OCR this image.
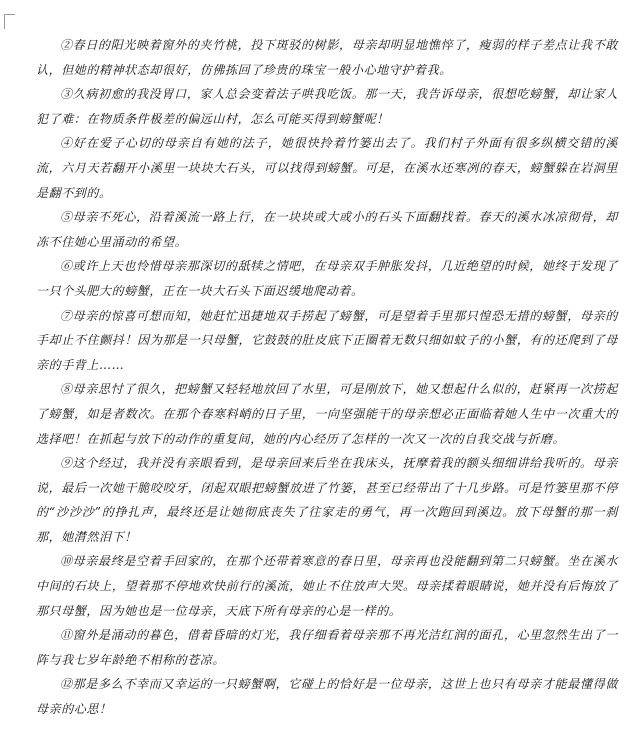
②春日的阳光映着窗外的夹竹桃，投下斑驳的树影，母亲却明显地憔悴了，瘦弱的样子差点让我不敢认，但她的精神状态却很好，仿佛拣回了珍贵的珠宝一般小心地守护着我。

③久病初愈的我没胃口，家人总会变着法子哄我吃饭。那一天，我告诉母亲，很想吃螃蟹，却让家人犯了难：在物质条件极差的偏远山村，怎么可能买得到螃蟹呢！

④好在爱子心切的母亲自有她的法子，她很快拎着竹篓出去了。我们村子外面有很多纵横交错的溪流，六月天若翻开小溪里一块块大石头，可以找得到螃蟹。可是，在溪水还寒冽的春天，螃蟹躲在岩洞里是翻不到的。

⑤母亲不死心，沿着溪流一路上行，在一块块或大或小的石头下面翻找着。春天的溪水冰凉彻骨，却冻不住她心里涌动的希望。

⑥或许上天也怜惜母亲那深切的舐犊之情吧，在母亲双手肿胀发抖，几近绝望的时候，她终于发现了一只个头肥大的螃蟹，正在一块大石头下面迟缓地爬动着。

⑦母亲的惊喜可想而知，她赶忙迅捷地双手捞起了螃蟹，可是望着手里那只惶恐无措的螃蟹，母亲的手却止不住颤抖！因为那是一只母蟹，它鼓鼓的肚皮底下正圈着无数只细如蚊子的小蟹，有的还爬到了母亲的手背上……

⑧母亲思忖了很久，把螃蟹又轻轻地放回了水里，可是刚放下，她又想起什么似的，赶紧再一次捞起了螃蟹，如是者数次。在那个春寒料峭的日子里，一向坚强能干的母亲想必正面临着她人生中一次重大的选择吧！在抓起与放下的动作的重复间，她的内心经历了怎样的一次又一次的自我交战与折磨。

⑨这个经过，我并没有亲眼看到，是母亲回来后坐在我床头，抚摩着我的额头细细讲给我听的。母亲说，最后一次她干脆咬咬牙，闭起双眼把螃蟹放进了竹篓，甚至已经带出了十几步路。可是竹篓里那不停的“沙沙沙”的挣扎声，最终还是让她彻底丧失了往家走的勇气，再一次跑回到溪边。放下母蟹的那一刹那，她潸然泪下！

⑩母亲最终是空着手回家的，在那个还带着寒意的春日里，母亲再也没能翻到第二只螃蟹。坐在溪水中间的石块上，望着那不停地欢快前行的溪流，她止不住放声大哭。母亲揉着眼睛说，她并没有后悔放了那只母蟹，因为她也是一位母亲，天底下所有母亲的心是一样的。

⑪窗外是涌动的暮色，借着昏暗的灯光，我仔细看着母亲那不再光洁红润的面孔，心里忽然生出了一阵与我七岁年龄绝不相称的苍凉。

⑫那是多么不幸而又幸运的一只螃蟹啊，它碰上的恰好是一位母亲，这世上也只有母亲才能最懂得做母亲的心思！
